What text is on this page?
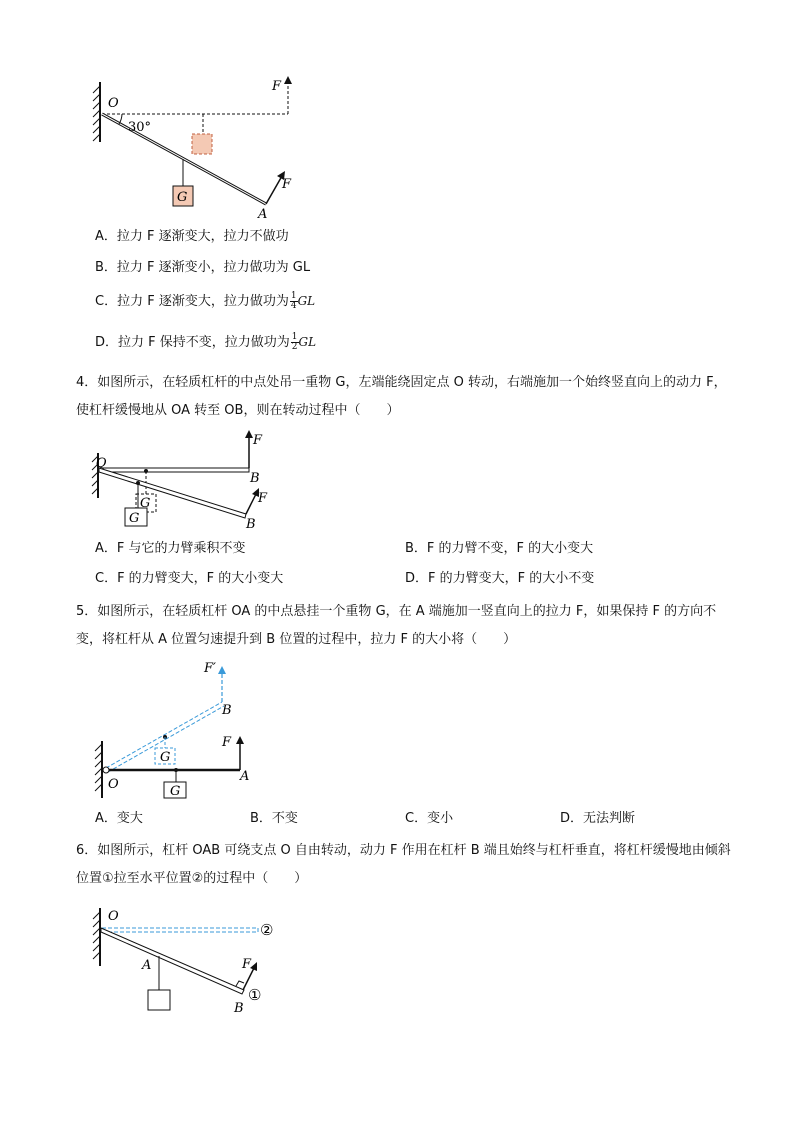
O
F
30°
G
F
A
A．拉力 F 逐渐变大，拉力不做功
B．拉力 F 逐渐变小，拉力做功为 GL
C．拉力 F 逐渐变大，拉力做功为 $\frac{1}{4}$ GL
D．拉力 F 保持不变，拉力做功为 $\frac{1}{2}$ GL
4．如图所示，在轻质杠杆的中点处吊一重物 G，左端能绕固定点 O 转动，右端施加一个始终竖直向上的动力 F，使杠杆缓慢地从 OA 转至 OB，则在转动过程中（　　）
O
F
B
G
G
F
B
A．F 与它的力臂乘积不变	B．F 的力臂不变，F 的大小变大
C．F 的力臂变大，F 的大小变大	D．F 的力臂变大，F 的大小不变
5．如图所示，在轻质杠杆 OA 的中点悬挂一个重物 G，在 A 端施加一竖直向上的拉力 F，如果保持 F 的方向不变，将杠杆从 A 位置匀速提升到 B 位置的过程中，拉力 F 的大小将（　　）
F′
B
F
G
O	G
A
A．变大	B．不变	C．变小	D．无法判断
6．如图所示，杠杆 OAB 可绕支点 O 自由转动，动力 F 作用在杠杆 B 端且始终与杠杆垂直，将杠杆缓慢地由倾斜位置①拉至水平位置②的过程中（　　）
O
②
A	F
①
B
